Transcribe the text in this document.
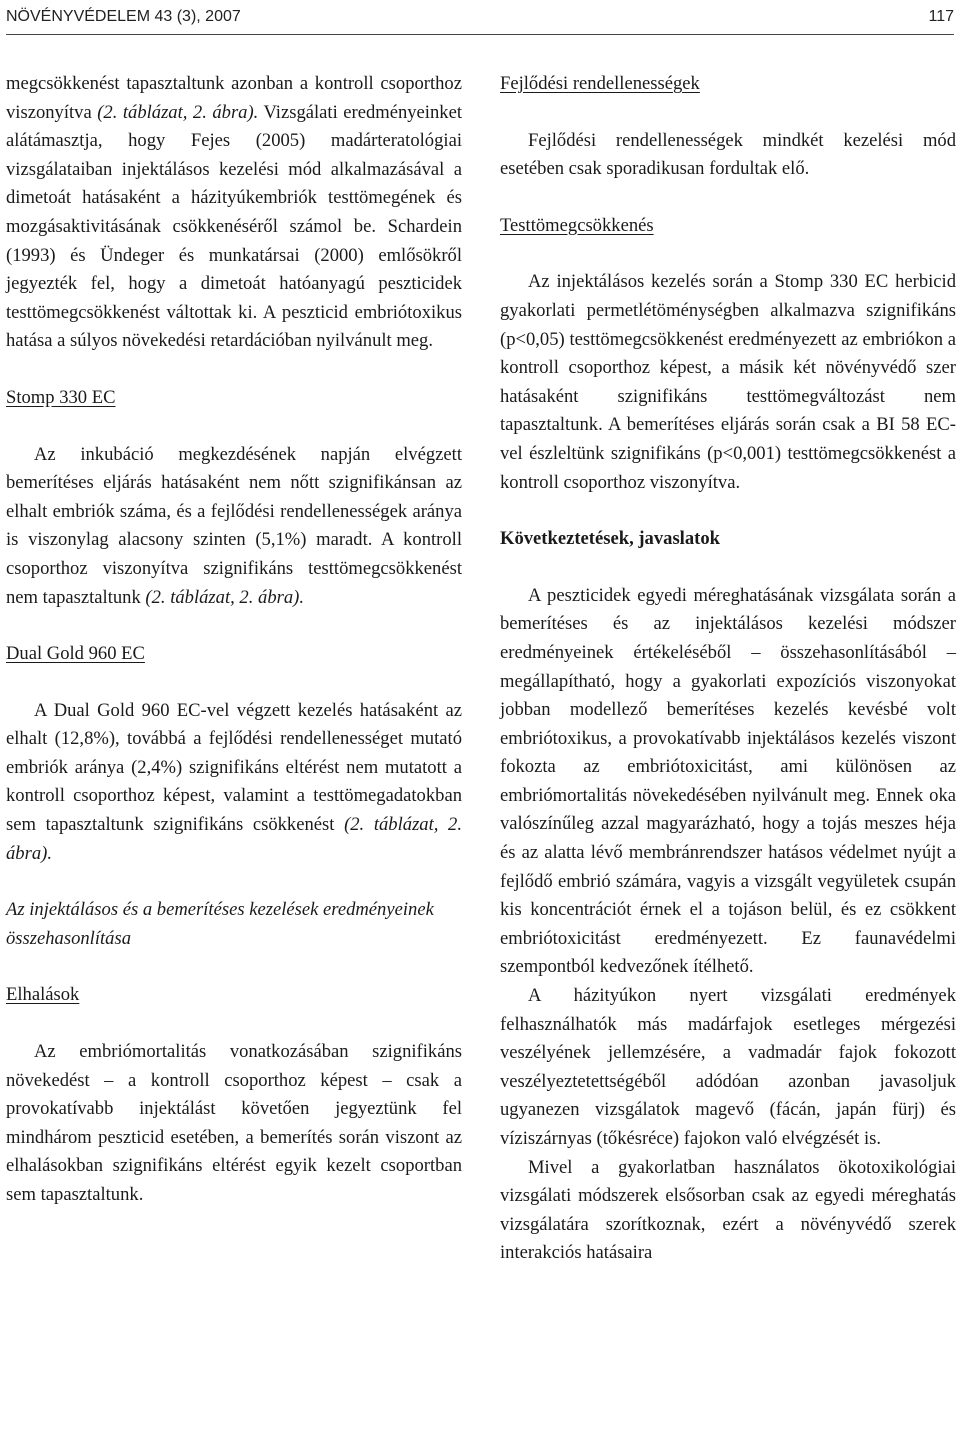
NÖVÉNYVÉDELEM 43 (3), 2007	117

megcsökkenést tapasztaltunk azonban a kontroll csoporthoz viszonyítva (2. táblázat, 2. ábra). Vizsgálati eredményeinket alátámasztja, hogy Fejes (2005) madárteratológiai vizsgálataiban injektálásos kezelési mód alkalmazásával a dimetoát hatásaként a házityúkembriók testtömegének és mozgásaktivitásának csökkenéséről számol be. Schardein (1993) és Ündeger és munkatársai (2000) emlősökről jegyezték fel, hogy a dimetoát hatóanyagú peszticidek testtömegcsökkenést váltottak ki. A peszticid embriótoxikus hatása a súlyos növekedési retardációban nyilvánult meg.

Stomp 330 EC

Az inkubáció megkezdésének napján elvégzett bemerítéses eljárás hatásaként nem nőtt szignifikánsan az elhalt embriók száma, és a fejlődési rendellenességek aránya is viszonylag alacsony szinten (5,1%) maradt. A kontroll csoporthoz viszonyítva szignifikáns testtömegcsökkenést nem tapasztaltunk (2. táblázat, 2. ábra).

Dual Gold 960 EC

A Dual Gold 960 EC-vel végzett kezelés hatásaként az elhalt (12,8%), továbbá a fejlődési rendellenességet mutató embriók aránya (2,4%) szignifikáns eltérést nem mutatott a kontroll csoporthoz képest, valamint a testtömegadatokban sem tapasztaltunk szignifikáns csökkenést (2. táblázat, 2. ábra).

Az injektálásos és a bemerítéses kezelések eredményeinek összehasonlítása
Elhalások

Az embriómortalitás vonatkozásában szignifikáns növekedést – a kontroll csoporthoz képest – csak a provokatívabb injektálást követően jegyeztünk fel mindhárom peszticid esetében, a bemerítés során viszont az elhalásokban szignifikáns eltérést egyik kezelt csoportban sem tapasztaltunk.

Fejlődési rendellenességek

Fejlődési rendellenességek mindkét kezelési mód esetében csak sporadikusan fordultak elő.

Testtömegcsökkenés

Az injektálásos kezelés során a Stomp 330 EC herbicid gyakorlati permetlétöménységben alkalmazva szignifikáns (p<0,05) testtömegcsökkenést eredményezett az embriókon a kontroll csoporthoz képest, a másik két növényvédő szer hatásaként szignifikáns testtömegváltozást nem tapasztaltunk. A bemerítéses eljárás során csak a BI 58 EC-vel észleltünk szignifikáns (p<0,001) testtömegcsökkenést a kontroll csoporthoz viszonyítva.

Következtetések, javaslatok

A peszticidek egyedi méreghatásának vizsgálata során a bemerítéses és az injektálásos kezelési módszer eredményeinek értékeléséből – összehasonlításából – megállapítható, hogy a gyakorlati expozíciós viszonyokat jobban modellező bemerítéses kezelés kevésbé volt embriótoxikus, a provokatívabb injektálásos kezelés viszont fokozta az embriótoxicitást, ami különösen az embriómortalitás növekedésében nyilvánult meg. Ennek oka valószínűleg azzal magyarázható, hogy a tojás meszes héja és az alatta lévő membránrendszer hatásos védelmet nyújt a fejlődő embrió számára, vagyis a vizsgált vegyületek csupán kis koncentrációt érnek el a tojáson belül, és ez csökkent embriótoxicitást eredményezett. Ez faunavédelmi szempontból kedvezőnek ítélhető.

A házityúkon nyert vizsgálati eredmények felhasználhatók más madárfajok esetleges mérgezési veszélyének jellemzésére, a vadmadár fajok fokozott veszélyeztetettségéből adódóan azonban javasoljuk ugyanezen vizsgálatok magevő (fácán, japán fürj) és víziszárnyas (tőkésréce) fajokon való elvégzését is.

Mivel a gyakorlatban használatos ökotoxikológiai vizsgálati módszerek elsősorban csak az egyedi méreghatás vizsgálatára szorítkoznak, ezért a növényvédő szerek interakciós hatásaira
